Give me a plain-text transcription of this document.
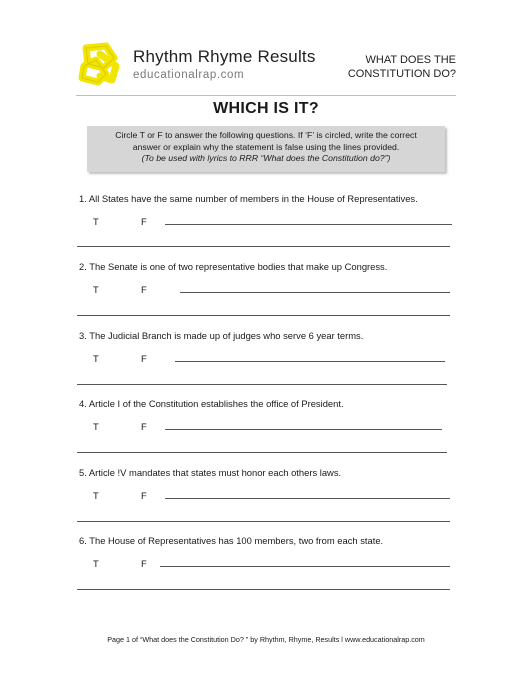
Rhythm Rhyme Results
educationalrap.com
WHAT DOES THE
CONSTITUTION DO?
WHICH IS IT?
Circle T or F to answer the following questions. If ‘F’ is circled, write the correct
answer or explain why the statement is false using the lines provided.
(To be used with lyrics to RRR “What does the Constitution do?”)
1. All States have the same number of members in the House of Representatives.
T	F
2. The Senate is one of two representative bodies that make up Congress.
T	F
3. The Judicial Branch is made up of judges who serve 6 year terms.
T	F
4. Article I of the Constitution establishes the office of President.
T	F
5. Article !V mandates that states must honor each others laws.
T	F
6. The House of Representatives has 100 members, two from each state.
T	F
Page 1 of “What does the Constitution Do? ” by Rhythm, Rhyme, Results l www.educationalrap.com
